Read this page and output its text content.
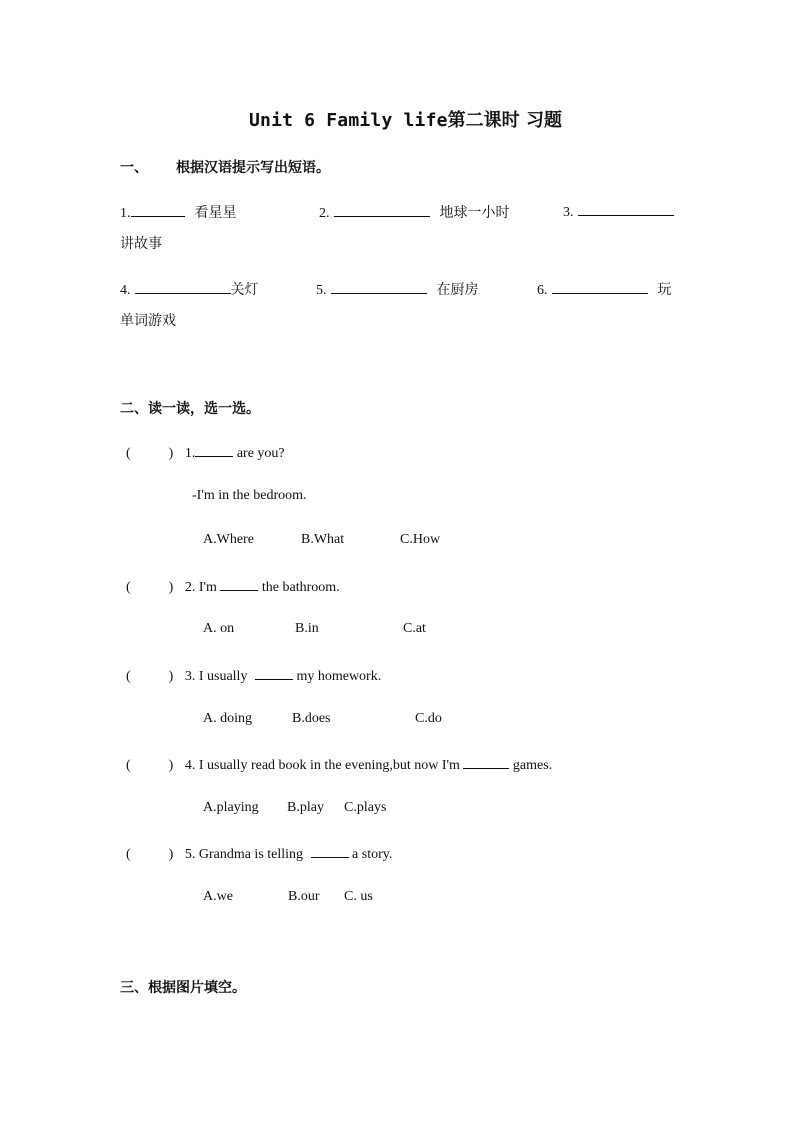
Unit 6 Family life第二课时 习题
一、 根据汉语提示写出短语。
1.	看星星	2.	地球一小时	3.
讲故事
4.	关灯	5.	在厨房	6.	玩
单词游戏
二、读一读，选一选。
(	) 1.	are you?
-I'm in the bedroom.
A.Where	B.What	C.How
(	) 2. I'm	the bathroom.
A. on	B.in	C.at
(	) 3. I usually	my homework.
A. doing	B.does	C.do
(	) 4. I usually read book in the evening,but now I'm	games.
A.playing B.play C.plays
(	) 5. Grandma is telling	a story.
A.we	B.our C. us
三、根据图片填空。
